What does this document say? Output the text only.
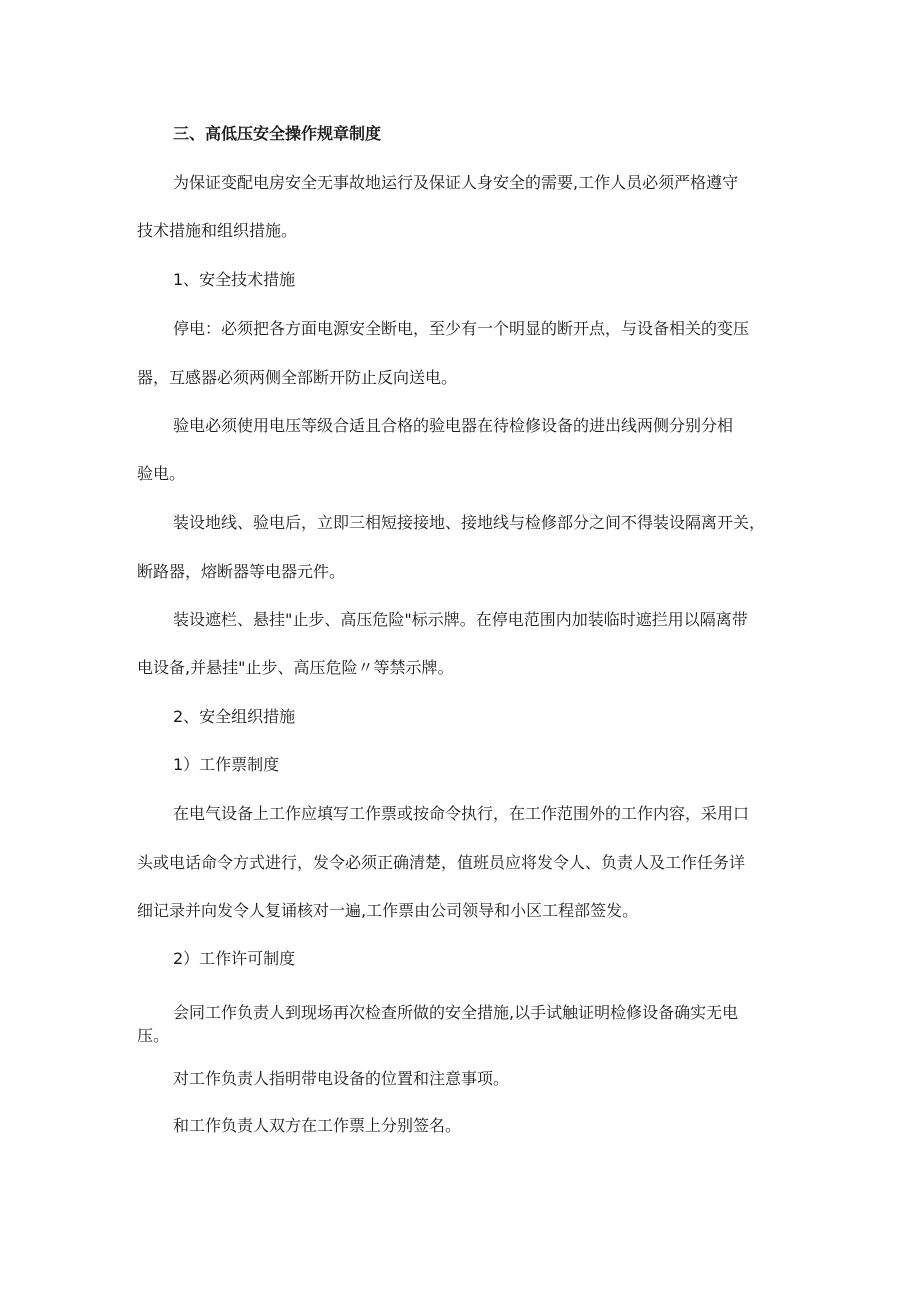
三、高低压安全操作规章制度
为保证变配电房安全无事故地运行及保证人身安全的需要,工作人员必须严格遵守
技术措施和组织措施。
1、安全技术措施
停电：必须把各方面电源安全断电，至少有一个明显的断开点，与设备相关的变压
器，互感器必须两侧全部断开防止反向送电。
验电必须使用电压等级合适且合格的验电器在待检修设备的进出线两侧分别分相
验电。
装设地线、验电后，立即三相短接接地、接地线与检修部分之间不得装设隔离开关，
断路器，熔断器等电器元件。
装设遮栏、悬挂"止步、高压危险"标示牌。在停电范围内加装临时遮拦用以隔离带
电设备,并悬挂"止步、高压危险〃等禁示牌。
2、安全组织措施
1）工作票制度
在电气设备上工作应填写工作票或按命令执行，在工作范围外的工作内容，采用口
头或电话命令方式进行，发令必须正确清楚，值班员应将发令人、负责人及工作任务详
细记录并向发令人复诵核对一遍,工作票由公司领导和小区工程部签发。
2）工作许可制度
会同工作负责人到现场再次检查所做的安全措施,以手试触证明检修设备确实无电
压。
对工作负责人指明带电设备的位置和注意事项。
和工作负责人双方在工作票上分别签名。
